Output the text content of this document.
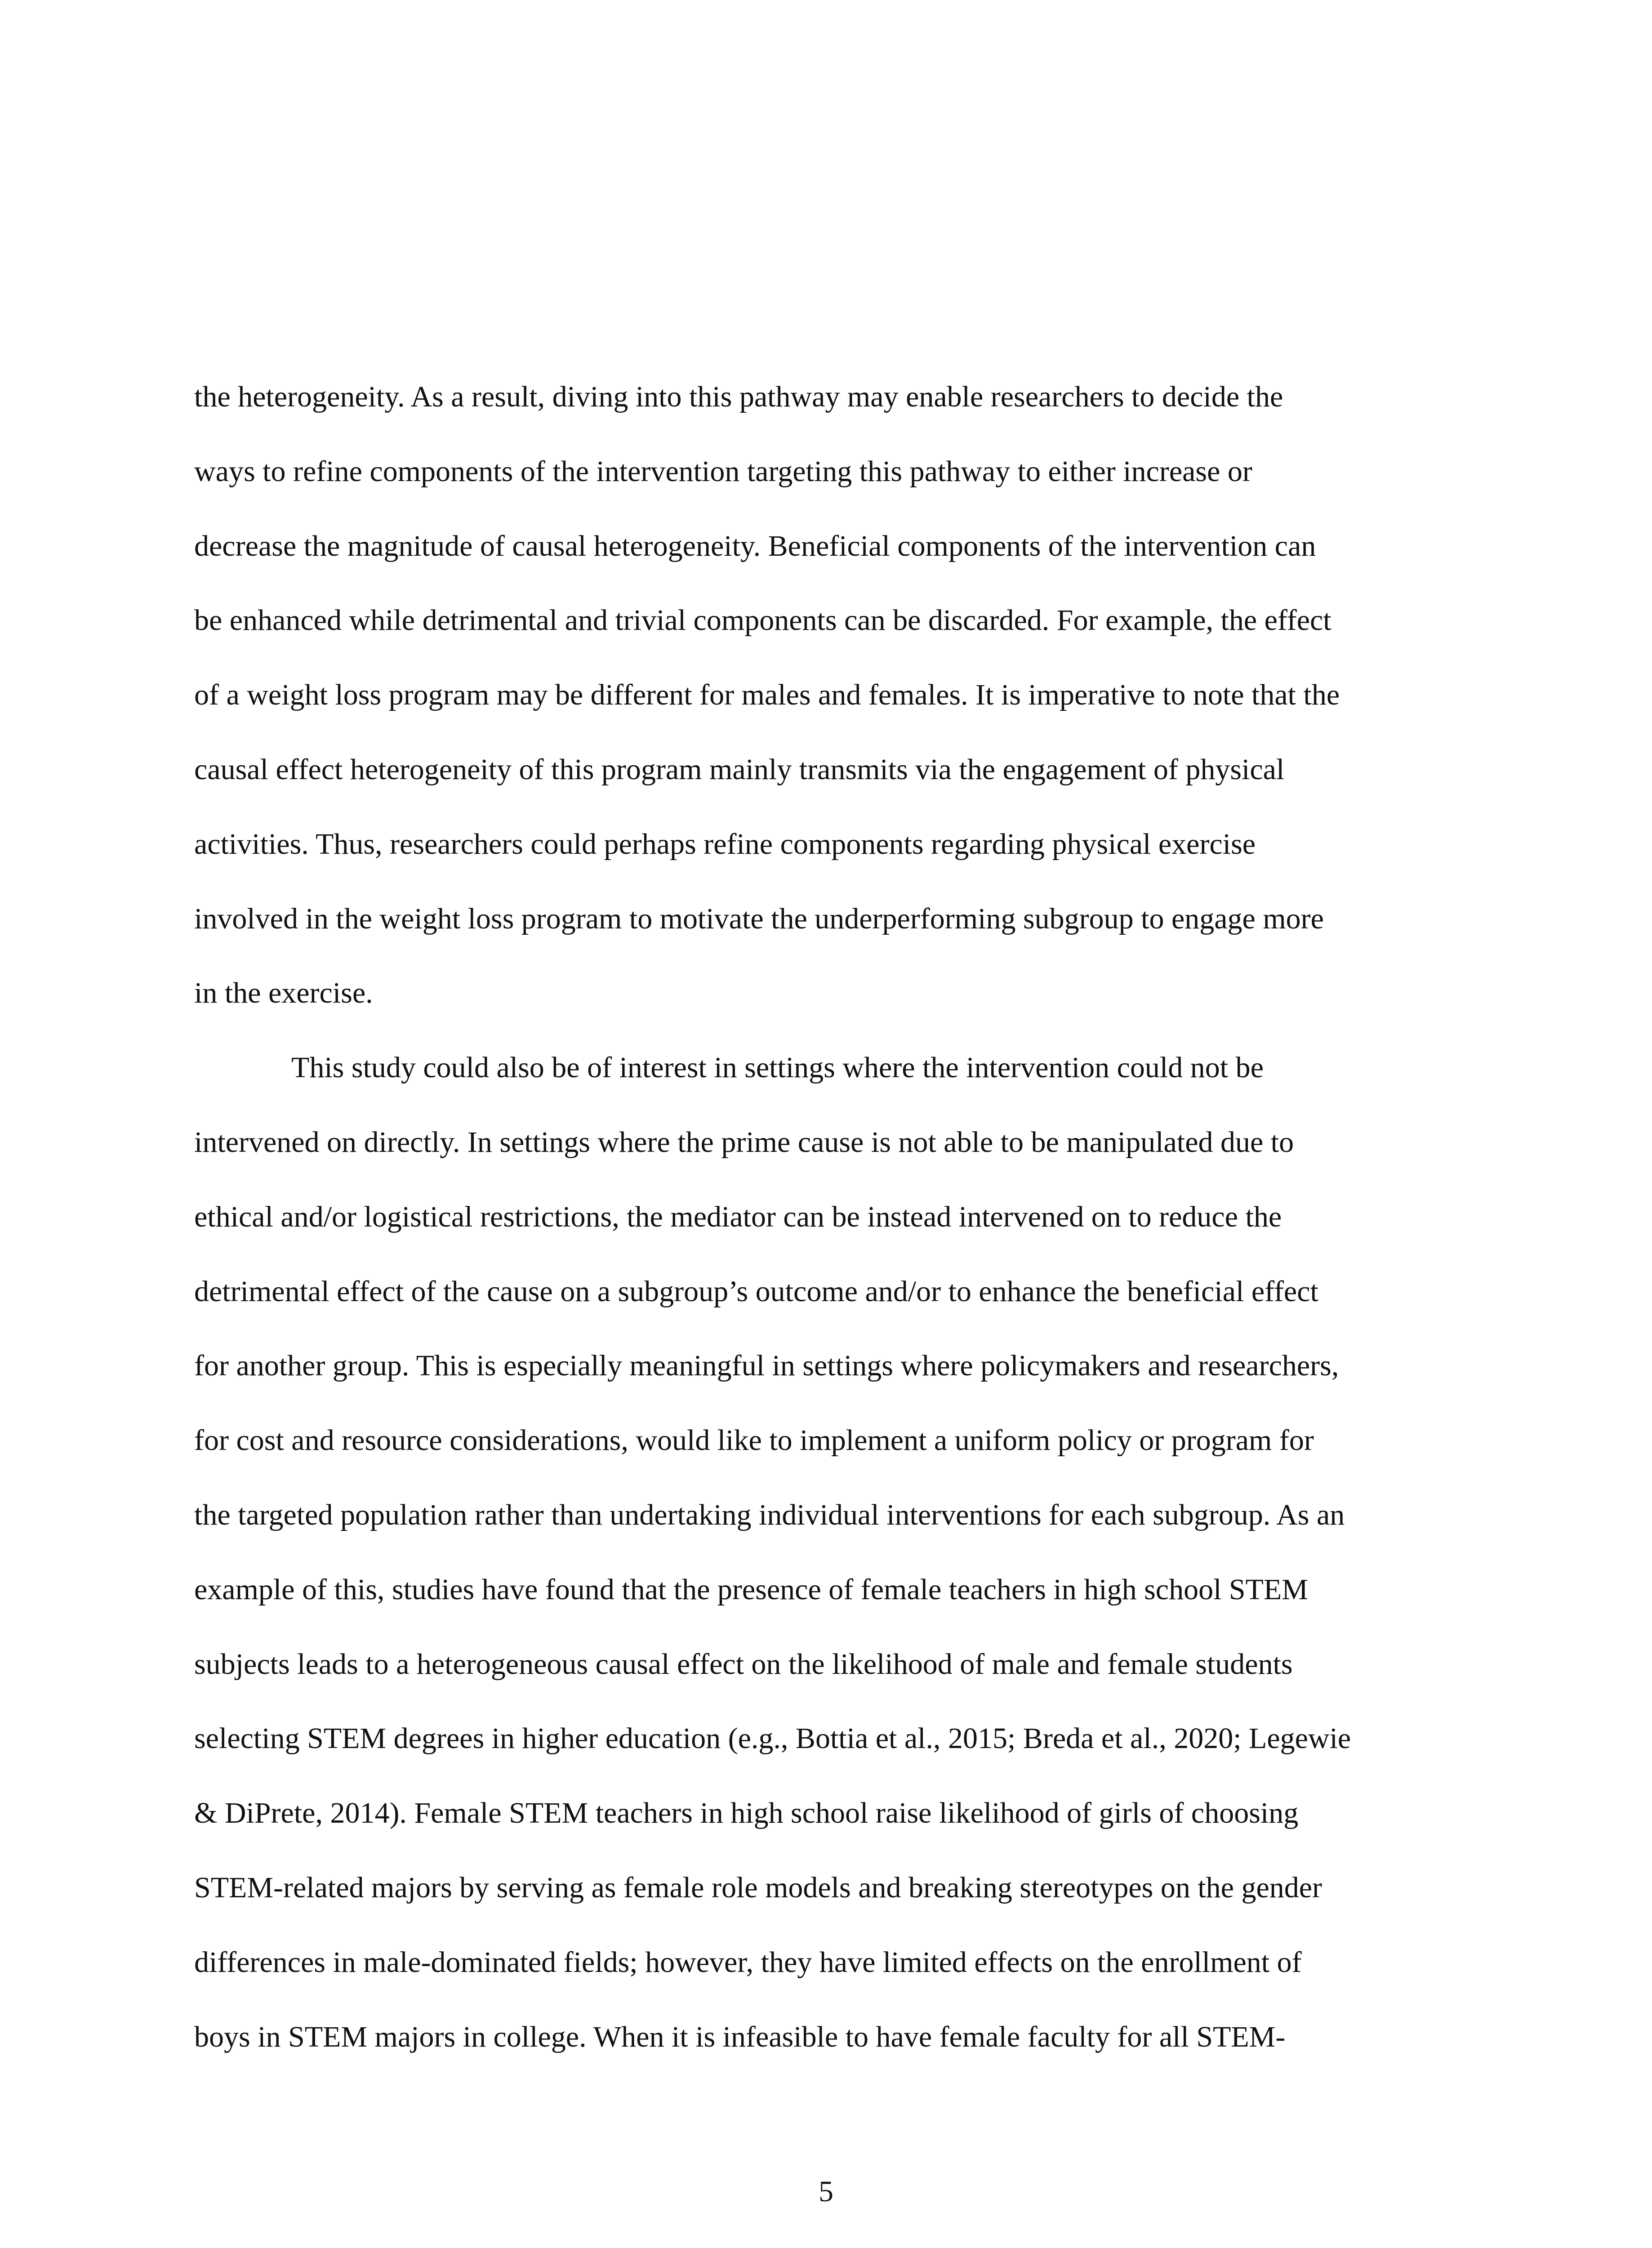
the heterogeneity. As a result, diving into this pathway may enable researchers to decide the
ways to refine components of the intervention targeting this pathway to either increase or
decrease the magnitude of causal heterogeneity. Beneficial components of the intervention can
be enhanced while detrimental and trivial components can be discarded. For example, the effect
of a weight loss program may be different for males and females. It is imperative to note that the
causal effect heterogeneity of this program mainly transmits via the engagement of physical
activities. Thus, researchers could perhaps refine components regarding physical exercise
involved in the weight loss program to motivate the underperforming subgroup to engage more
in the exercise.
This study could also be of interest in settings where the intervention could not be
intervened on directly. In settings where the prime cause is not able to be manipulated due to
ethical and/or logistical restrictions, the mediator can be instead intervened on to reduce the
detrimental effect of the cause on a subgroup’s outcome and/or to enhance the beneficial effect
for another group. This is especially meaningful in settings where policymakers and researchers,
for cost and resource considerations, would like to implement a uniform policy or program for
the targeted population rather than undertaking individual interventions for each subgroup. As an
example of this, studies have found that the presence of female teachers in high school STEM
subjects leads to a heterogeneous causal effect on the likelihood of male and female students
selecting STEM degrees in higher education (e.g., Bottia et al., 2015; Breda et al., 2020; Legewie
& DiPrete, 2014). Female STEM teachers in high school raise likelihood of girls of choosing
STEM-related majors by serving as female role models and breaking stereotypes on the gender
differences in male-dominated fields; however, they have limited effects on the enrollment of
boys in STEM majors in college. When it is infeasible to have female faculty for all STEM-
5
